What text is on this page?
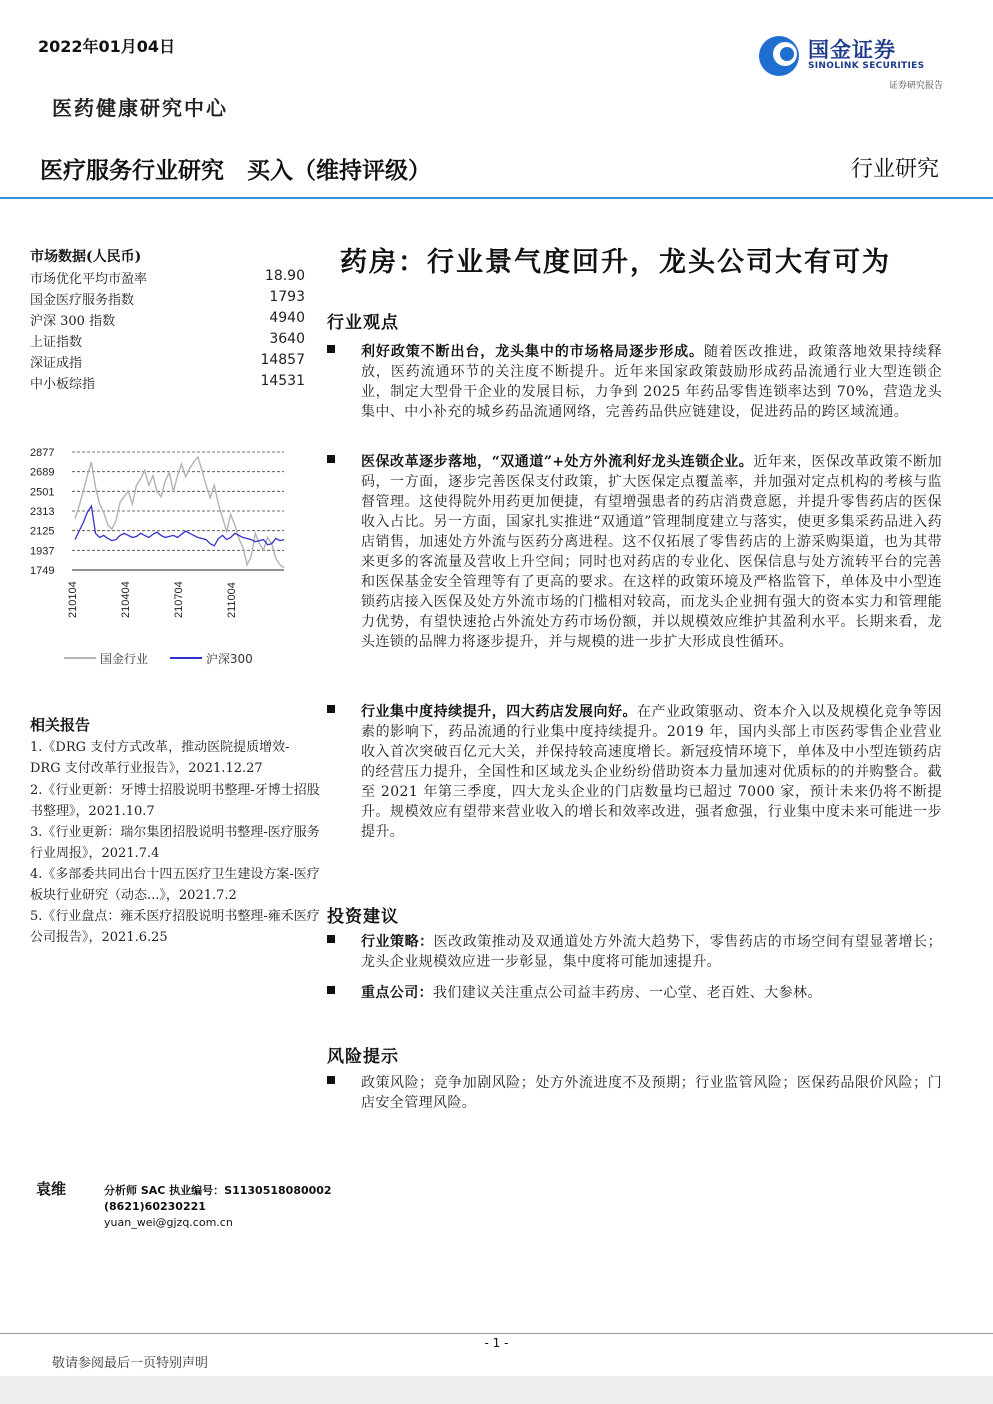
2022年01月04日
医药健康研究中心
国金证券
SINOLINK SECURITIES
证券研究报告
医疗服务行业研究　买入（维持评级）	行业研究
市场数据(人民币)
市场优化平均市盈率	18.90
国金医疗服务指数	1793
沪深 300 指数	4940
上证指数	3640
深证成指	14857
中小板综指	14531
2877
2689
2501
2313
2125
1937
1749
210104	210404	210704	211004
国金行业
	沪深300
相关报告
1.《DRG 支付方式改革，推动医院提质增效-DRG 支付改革行业报告》，2021.12.27
2.《行业更新：牙博士招股说明书整理-牙博士招股书整理》，2021.10.7
3.《行业更新：瑞尔集团招股说明书整理-医疗服务行业周报》，2021.7.4
4.《多部委共同出台十四五医疗卫生建设方案-医疗板块行业研究（动态...》，2021.7.2
5.《行业盘点：雍禾医疗招股说明书整理-雍禾医疗公司报告》，2021.6.25
药房：行业景气度回升，龙头公司大有可为
行业观点
利好政策不断出台，龙头集中的市场格局逐步形成。随着医改推进，政策落地效果持续释放，医药流通环节的关注度不断提升。近年来国家政策鼓励形成药品流通行业大型连锁企业，制定大型骨干企业的发展目标，力争到 2025 年药品零售连锁率达到 70%，营造龙头集中、中小补充的城乡药品流通网络，完善药品供应链建设，促进药品的跨区域流通。
医保改革逐步落地，“双通道”+处方外流利好龙头连锁企业。近年来，医保改革政策不断加码，一方面，逐步完善医保支付政策，扩大医保定点覆盖率，并加强对定点机构的考核与监督管理。这使得院外用药更加便捷，有望增强患者的药店消费意愿，并提升零售药店的医保收入占比。另一方面，国家扎实推进“双通道”管理制度建立与落实，使更多集采药品进入药店销售，加速处方外流与医药分离进程。这不仅拓展了零售药店的上游采购渠道，也为其带来更多的客流量及营收上升空间；同时也对药店的专业化、医保信息与处方流转平台的完善和医保基金安全管理等有了更高的要求。在这样的政策环境及严格监管下，单体及中小型连锁药店接入医保及处方外流市场的门槛相对较高，而龙头企业拥有强大的资本实力和管理能力优势，有望快速抢占外流处方药市场份额，并以规模效应维护其盈利水平。长期来看，龙头连锁的品牌力将逐步提升，并与规模的进一步扩大形成良性循环。
行业集中度持续提升，四大药店发展向好。在产业政策驱动、资本介入以及规模化竞争等因素的影响下，药品流通的行业集中度持续提升。2019 年，国内头部上市医药零售企业营业收入首次突破百亿元大关，并保持较高速度增长。新冠疫情环境下，单体及中小型连锁药店的经营压力提升，全国性和区域龙头企业纷纷借助资本力量加速对优质标的的并购整合。截至 2021 年第三季度，四大龙头企业的门店数量均已超过 7000 家，预计未来仍将不断提升。规模效应有望带来营业收入的增长和效率改进，强者愈强，行业集中度未来可能进一步提升。
投资建议
行业策略：医改政策推动及双通道处方外流大趋势下，零售药店的市场空间有望显著增长；龙头企业规模效应进一步彰显，集中度将可能加速提升。
重点公司：我们建议关注重点公司益丰药房、一心堂、老百姓、大参林。
风险提示
政策风险；竞争加剧风险；处方外流进度不及预期；行业监管风险；医保药品限价风险；门店安全管理风险。
袁维	分析师 SAC 执业编号：S1130518080002
(8621)60230221
yuan_wei@gjzq.com.cn
- 1 -
敬请参阅最后一页特别声明
